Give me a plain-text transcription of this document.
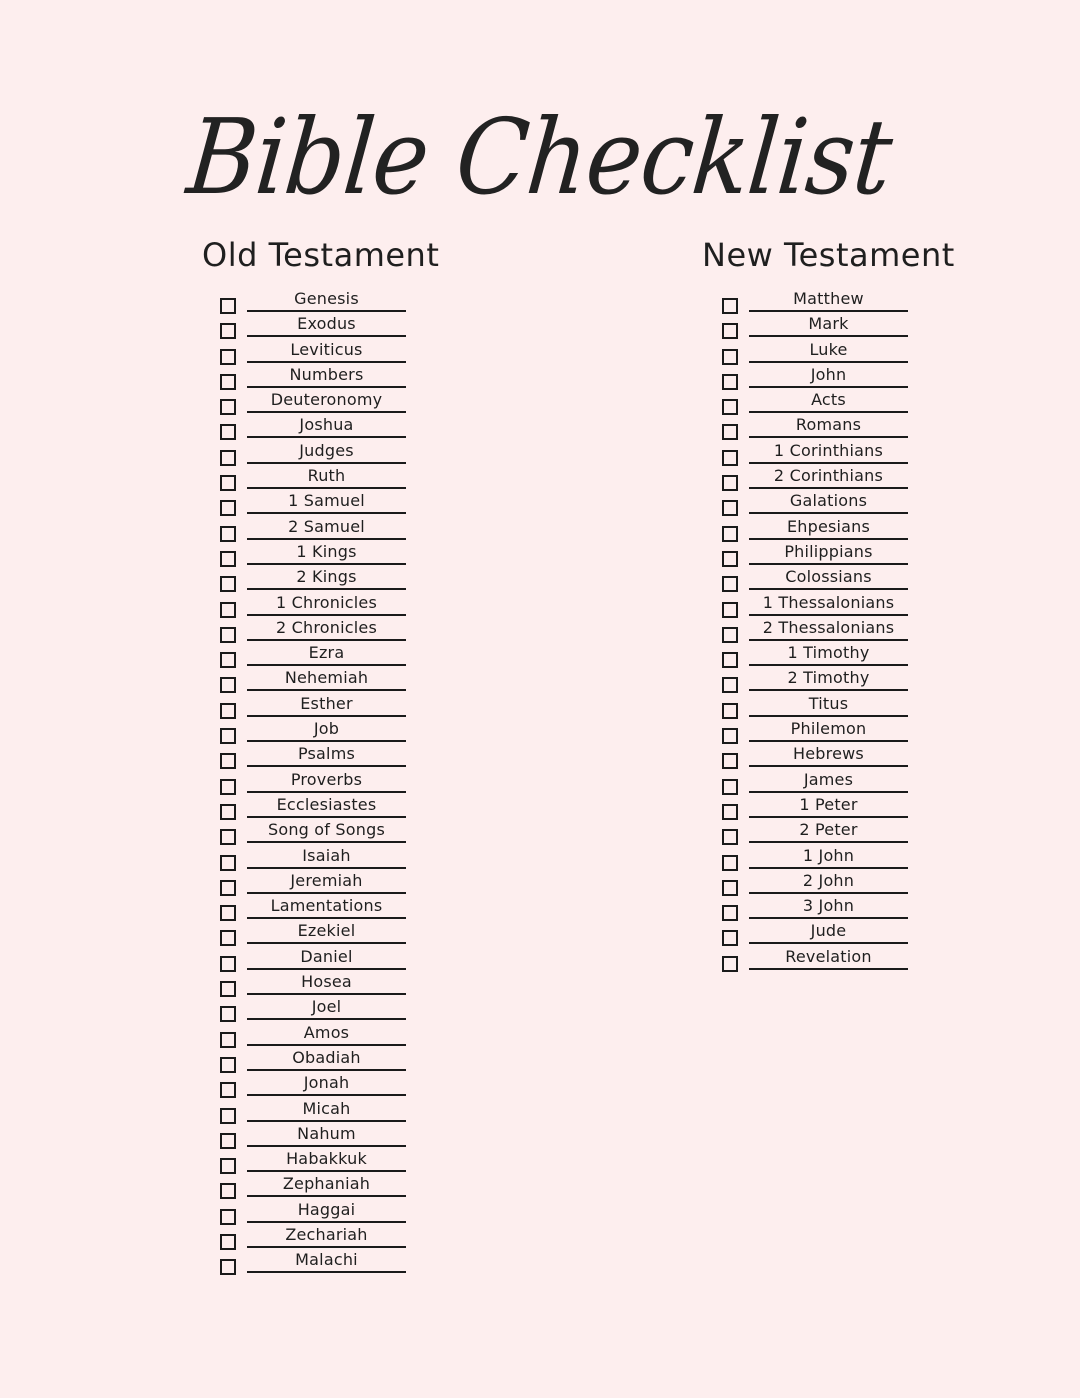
Bible Checklist
Old Testament
Genesis
Exodus
Leviticus
Numbers
Deuteronomy
Joshua
Judges
Ruth
1 Samuel
2 Samuel
1 Kings
2 Kings
1 Chronicles
2 Chronicles
Ezra
Nehemiah
Esther
Job
Psalms
Proverbs
Ecclesiastes
Song of Songs
Isaiah
Jeremiah
Lamentations
Ezekiel
Daniel
Hosea
Joel
Amos
Obadiah
Jonah
Micah
Nahum
Habakkuk
Zephaniah
Haggai
Zechariah
Malachi
New Testament
Matthew
Mark
Luke
John
Acts
Romans
1 Corinthians
2 Corinthians
Galations
Ehpesians
Philippians
Colossians
1 Thessalonians
2 Thessalonians
1 Timothy
2 Timothy
Titus
Philemon
Hebrews
James
1 Peter
2 Peter
1 John
2 John
3 John
Jude
Revelation
